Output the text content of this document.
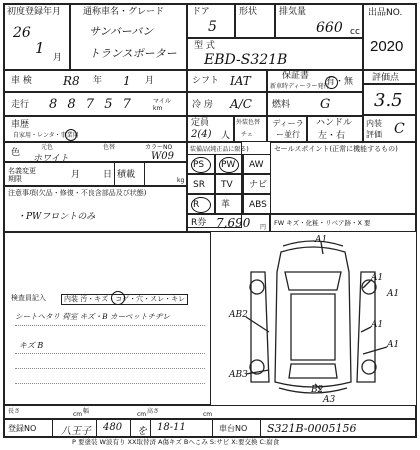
初度登録年月
26
1
月
通称車名・グレード
サンバーバン
トランスポーター
ドア
5
形状 排気量
660 cc
出品NO.
2020
型 式
EBD-S321B
車 検	R8 年 1 月	シフト IAT	保証書
新車時ディーラー発行
有・無 評価点
3.5
走行 8 8 7 5 7	マイル km	冷 房 A/C 燃料 G
車歴
自家用・レンタ・事業用
定員
2(4) 人
外装色替
チェ
ディーラー並行
ハンドル
左・右
内装評価 C
色
元色
ホワイト
色替	カラーNO
W09
名義変更期限	月	日 積載
kg
装備品(純正品に限る)
PS PW AW
SR TV ナビ
R 革 ABS
R券 7,690 円
FW キズ・化粧・リベア跡・X 要
セールスポイント(正常に機能するもの)
注意事項(欠品・修復・不良含部品及び状態)
・PWフロントのみ
検査員記入	内装 汚・キズ・コゲ・穴・スレ・キレ
シートヘタリ 荷室 キズ・B カーペットチヂレ
キズ B
A1
A1
A1
A1
AB2
A1
AB3
B2
A3
長さ	cm 幅	cm 高さ	cm
登録NO 八王子 480 を 18-11	車台NO S321B-0005156
P 要塗装 W波有り XX取替済 A傷キズ Bへこみ S:サビ X:要交換 C:腐食
